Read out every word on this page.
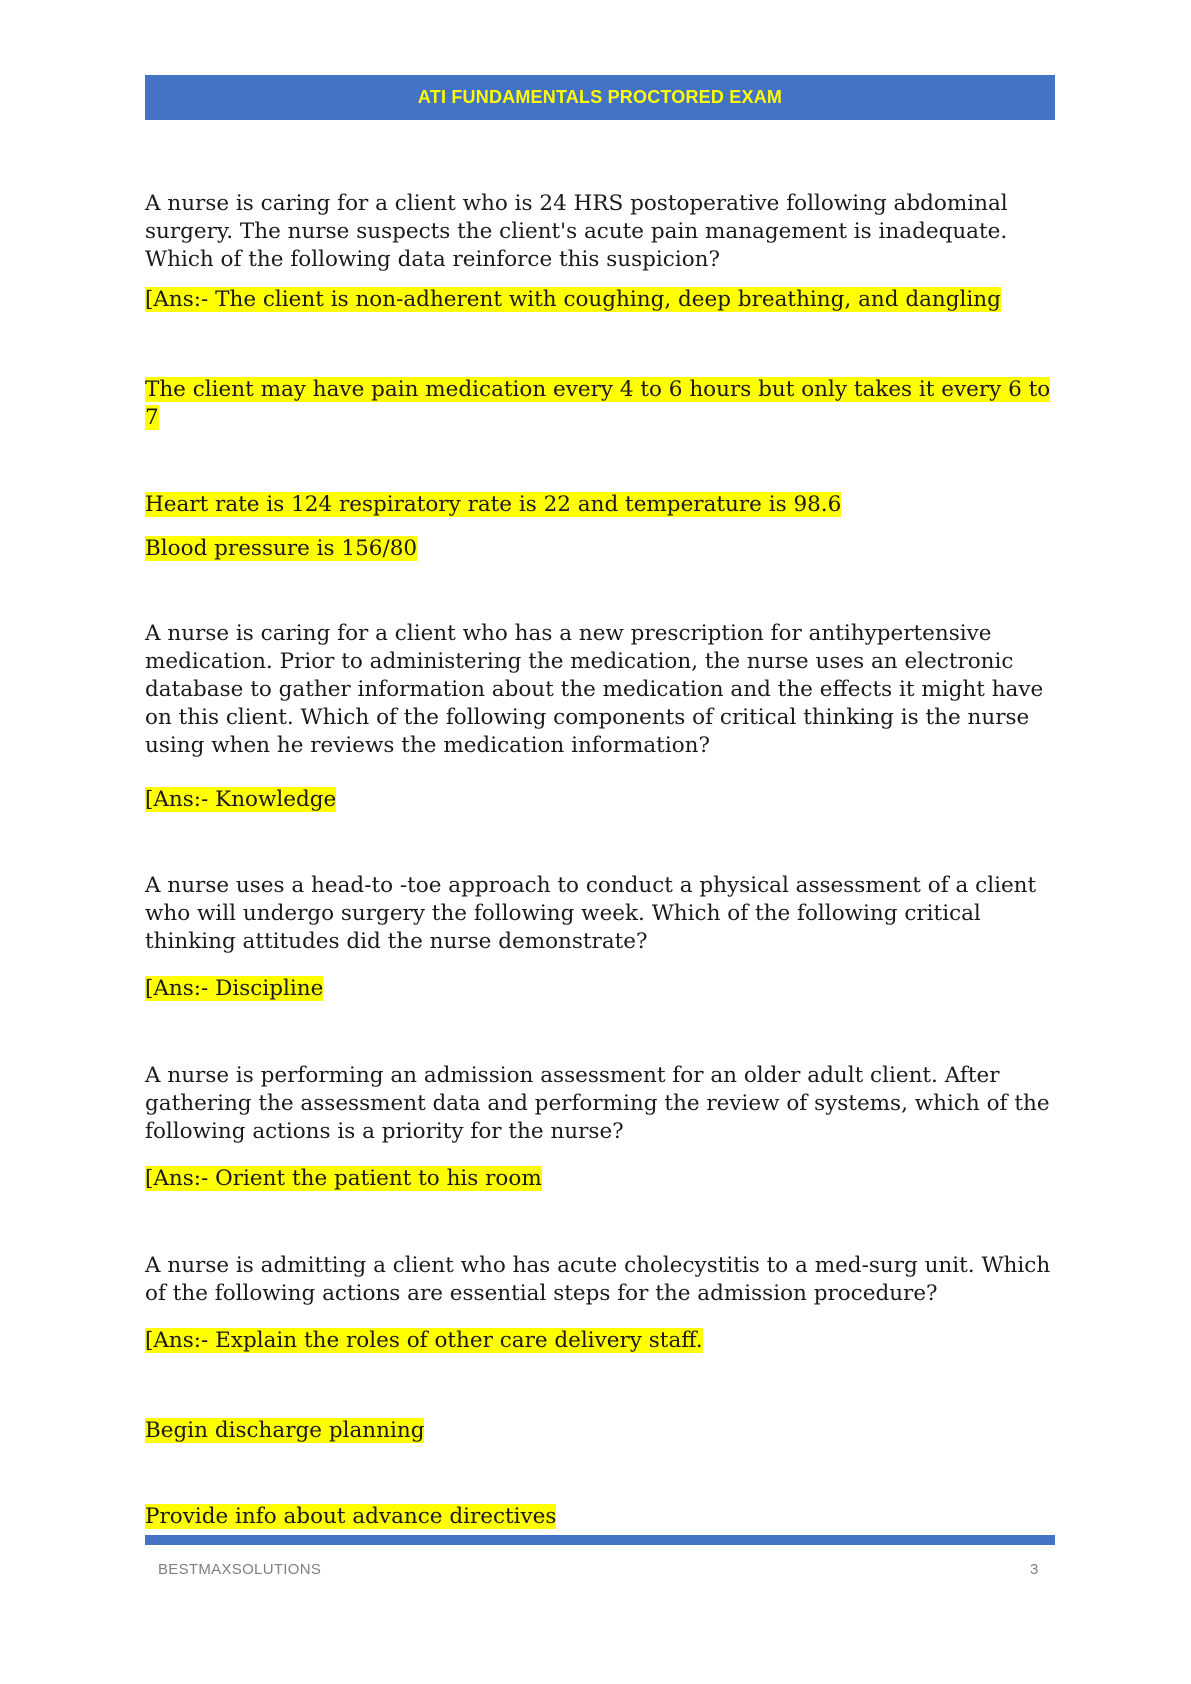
ATI FUNDAMENTALS PROCTORED EXAM

A nurse is caring for a client who is 24 HRS postoperative following abdominal surgery. The nurse suspects the client's acute pain management is inadequate. Which of the following data reinforce this suspicion?

[Ans:- The client is non-adherent with coughing, deep breathing, and dangling

The client may have pain medication every 4 to 6 hours but only takes it every 6 to 7

Heart rate is 124 respiratory rate is 22 and temperature is 98.6

Blood pressure is 156/80

A nurse is caring for a client who has a new prescription for antihypertensive medication. Prior to administering the medication, the nurse uses an electronic database to gather information about the medication and the effects it might have on this client. Which of the following components of critical thinking is the nurse using when he reviews the medication information?

[Ans:- Knowledge

A nurse uses a head-to -toe approach to conduct a physical assessment of a client who will undergo surgery the following week. Which of the following critical thinking attitudes did the nurse demonstrate?

[Ans:- Discipline

A nurse is performing an admission assessment for an older adult client. After gathering the assessment data and performing the review of systems, which of the following actions is a priority for the nurse?

[Ans:- Orient the patient to his room

A nurse is admitting a client who has acute cholecystitis to a med-surg unit. Which of the following actions are essential steps for the admission procedure?

[Ans:- Explain the roles of other care delivery staff.

Begin discharge planning

Provide info about advance directives

BESTMAXSOLUTIONS	3
